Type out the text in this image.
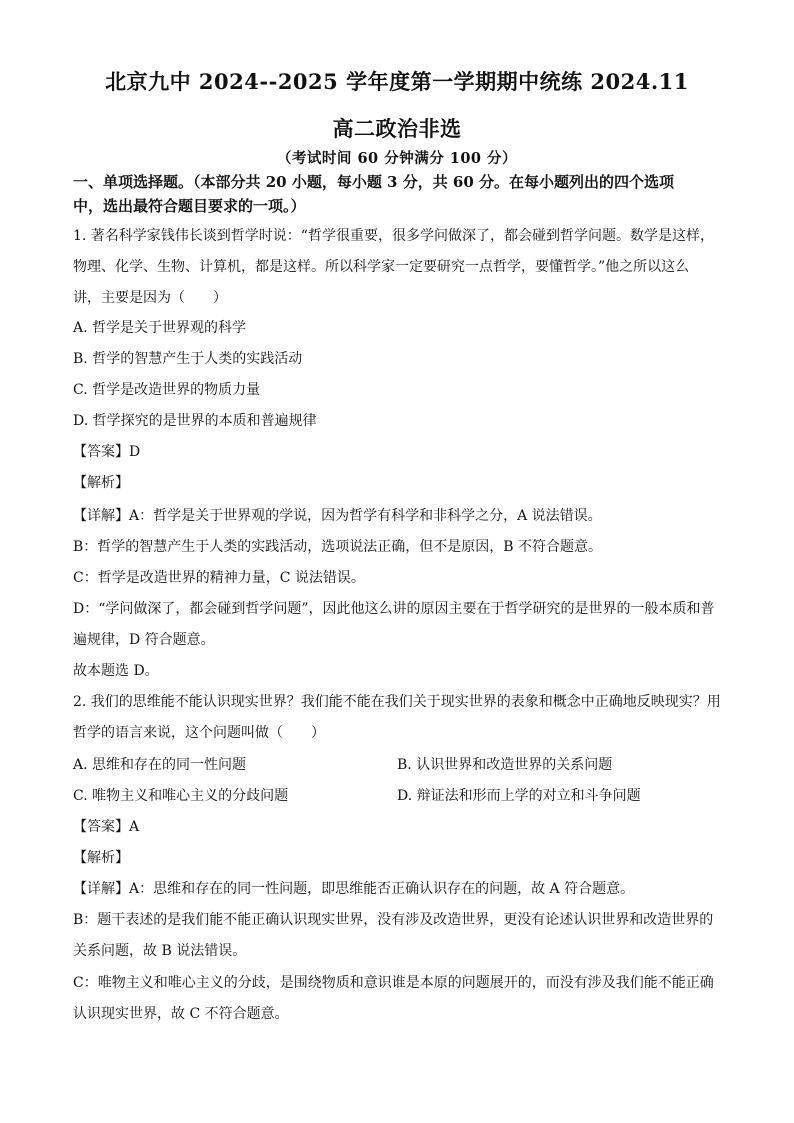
北京九中 2024--2025 学年度第一学期期中统练 2024.11
高二政治非选
（考试时间 60 分钟满分 100 分）
一、单项选择题。（本部分共 20 小题，每小题 3 分，共 60 分。在每小题列出的四个选项
中，选出最符合题目要求的一项。）
1. 著名科学家钱伟长谈到哲学时说：“哲学很重要，很多学问做深了，都会碰到哲学问题。数学是这样，
物理、化学、生物、计算机，都是这样。所以科学家一定要研究一点哲学，要懂哲学。”他之所以这么
讲，主要是因为（　　）
A. 哲学是关于世界观的科学
B. 哲学的智慧产生于人类的实践活动
C. 哲学是改造世界的物质力量
D. 哲学探究的是世界的本质和普遍规律
【答案】D
【解析】
【详解】A：哲学是关于世界观的学说，因为哲学有科学和非科学之分，A 说法错误。
B：哲学的智慧产生于人类的实践活动，选项说法正确，但不是原因，B 不符合题意。
C：哲学是改造世界的精神力量，C 说法错误。
D：“学问做深了，都会碰到哲学问题”，因此他这么讲的原因主要在于哲学研究的是世界的一般本质和普
遍规律，D 符合题意。
故本题选 D。
2. 我们的思维能不能认识现实世界？我们能不能在我们关于现实世界的表象和概念中正确地反映现实？用
哲学的语言来说，这个问题叫做（　　）
A. 思维和存在的同一性问题	B. 认识世界和改造世界的关系问题
C. 唯物主义和唯心主义的分歧问题	D. 辩证法和形而上学的对立和斗争问题
【答案】A
【解析】
【详解】A：思维和存在的同一性问题，即思维能否正确认识存在的问题，故 A 符合题意。
B：题干表述的是我们能不能正确认识现实世界，没有涉及改造世界，更没有论述认识世界和改造世界的
关系问题，故 B 说法错误。
C：唯物主义和唯心主义的分歧，是围绕物质和意识谁是本原的问题展开的，而没有涉及我们能不能正确
认识现实世界，故 C 不符合题意。
